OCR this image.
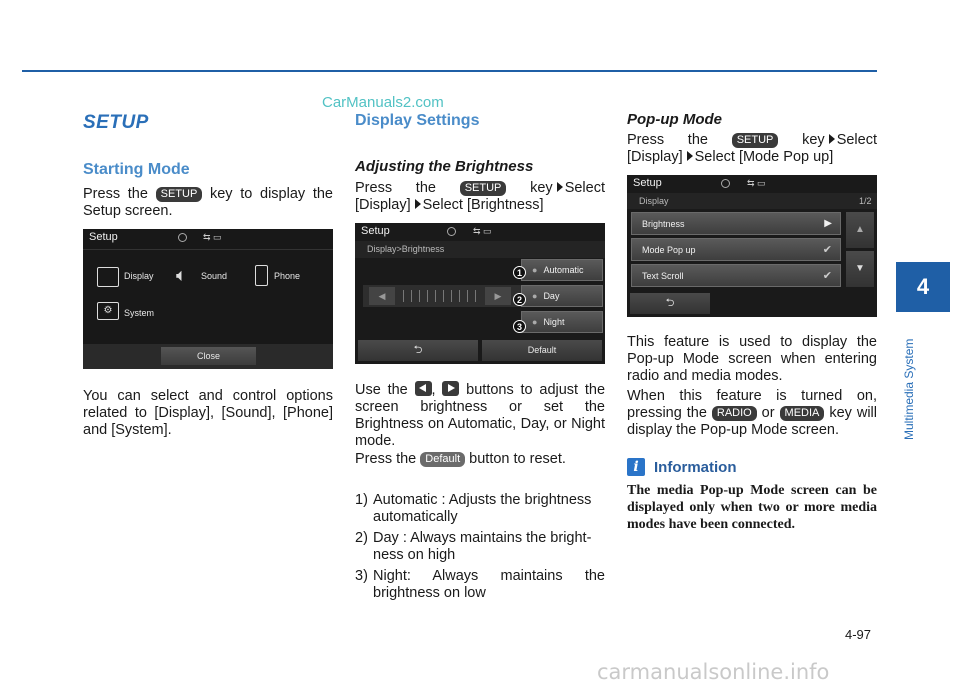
CarManuals2.com
SETUP
Starting Mode
Press the SETUP key to display the Setup screen.
Setup	⇆ ▭
Display 🔈︎ Sound	Phone
⚙	System
Close
You can select and control options related to [Display], [Sound], [Phone] and [System].
Display Settings
Adjusting the Brightness
Press the	SETUP key Select
[Display] Select [Brightness]
Setup	⇆ ▭
Display>Brightness
◀	▶
● Automatic
● Day
● Night
1
2
3
⮌	Default
Use the , buttons to adjust the screen brightness or set the Brightness on Automatic, Day, or Night mode.
Press the Default button to reset.
1) Automatic : Adjusts the brightness automatically
2) Day : Always maintains the bright-ness on high
3) Night: Always maintains the brightness on low
Pop-up Mode
Press the	SETUP key Select
[Display] Select [Mode Pop up]
Setup	⇆ ▭
Display	1/2
Brightness	▶
Mode Pop up	✔
Text Scroll	✔
▲
▼
⮌
This feature is used to display the Pop-up Mode screen when entering radio and media modes.
When this feature is turned on, pressing the RADIO or MEDIA key will display the Pop-up Mode screen.
i	Information
The media Pop-up Mode screen can be displayed only when two or more media modes have been connected.
4
Multimedia System
4-97
carmanualsonline.info
